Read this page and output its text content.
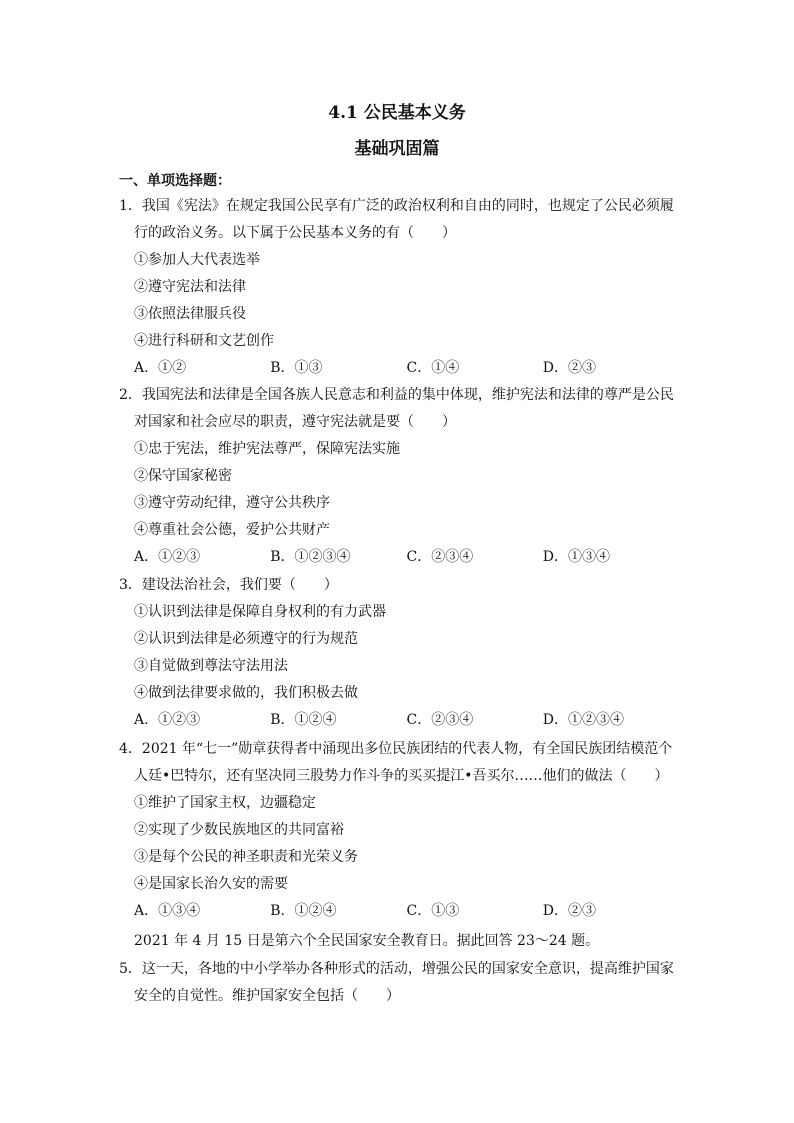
4.1 公民基本义务
基础巩固篇
一、单项选择题：
1．我国《宪法》在规定我国公民享有广泛的政治权利和自由的同时，也规定了公民必须履
行的政治义务。以下属于公民基本义务的有（　　）
①参加人大代表选举
②遵守宪法和法律
③依照法律服兵役
④进行科研和文艺创作
A．①②	B．①③	C．①④	D．②③
2．我国宪法和法律是全国各族人民意志和利益的集中体现，维护宪法和法律的尊严是公民
对国家和社会应尽的职责，遵守宪法就是要（　　）
①忠于宪法，维护宪法尊严，保障宪法实施
②保守国家秘密
③遵守劳动纪律，遵守公共秩序
④尊重社会公德，爱护公共财产
A．①②③	B．①②③④	C．②③④	D．①③④
3．建设法治社会，我们要（　　）
①认识到法律是保障自身权利的有力武器
②认识到法律是必须遵守的行为规范
③自觉做到尊法守法用法
④做到法律要求做的，我们积极去做
A．①②③	B．①②④	C．②③④	D．①②③④
4．2021 年“七一”勋章获得者中涌现出多位民族团结的代表人物，有全国民族团结模范个
人廷•巴特尔，还有坚决同三股势力作斗争的买买提江•吾买尔……他们的做法（　　）
①维护了国家主权，边疆稳定
②实现了少数民族地区的共同富裕
③是每个公民的神圣职责和光荣义务
④是国家长治久安的需要
A．①③④	B．①②④	C．①③	D．②③
2021 年 4 月 15 日是第六个全民国家安全教育日。据此回答 23～24 题。
5．这一天，各地的中小学举办各种形式的活动，增强公民的国家安全意识，提高维护国家
安全的自觉性。维护国家安全包括（　　）
